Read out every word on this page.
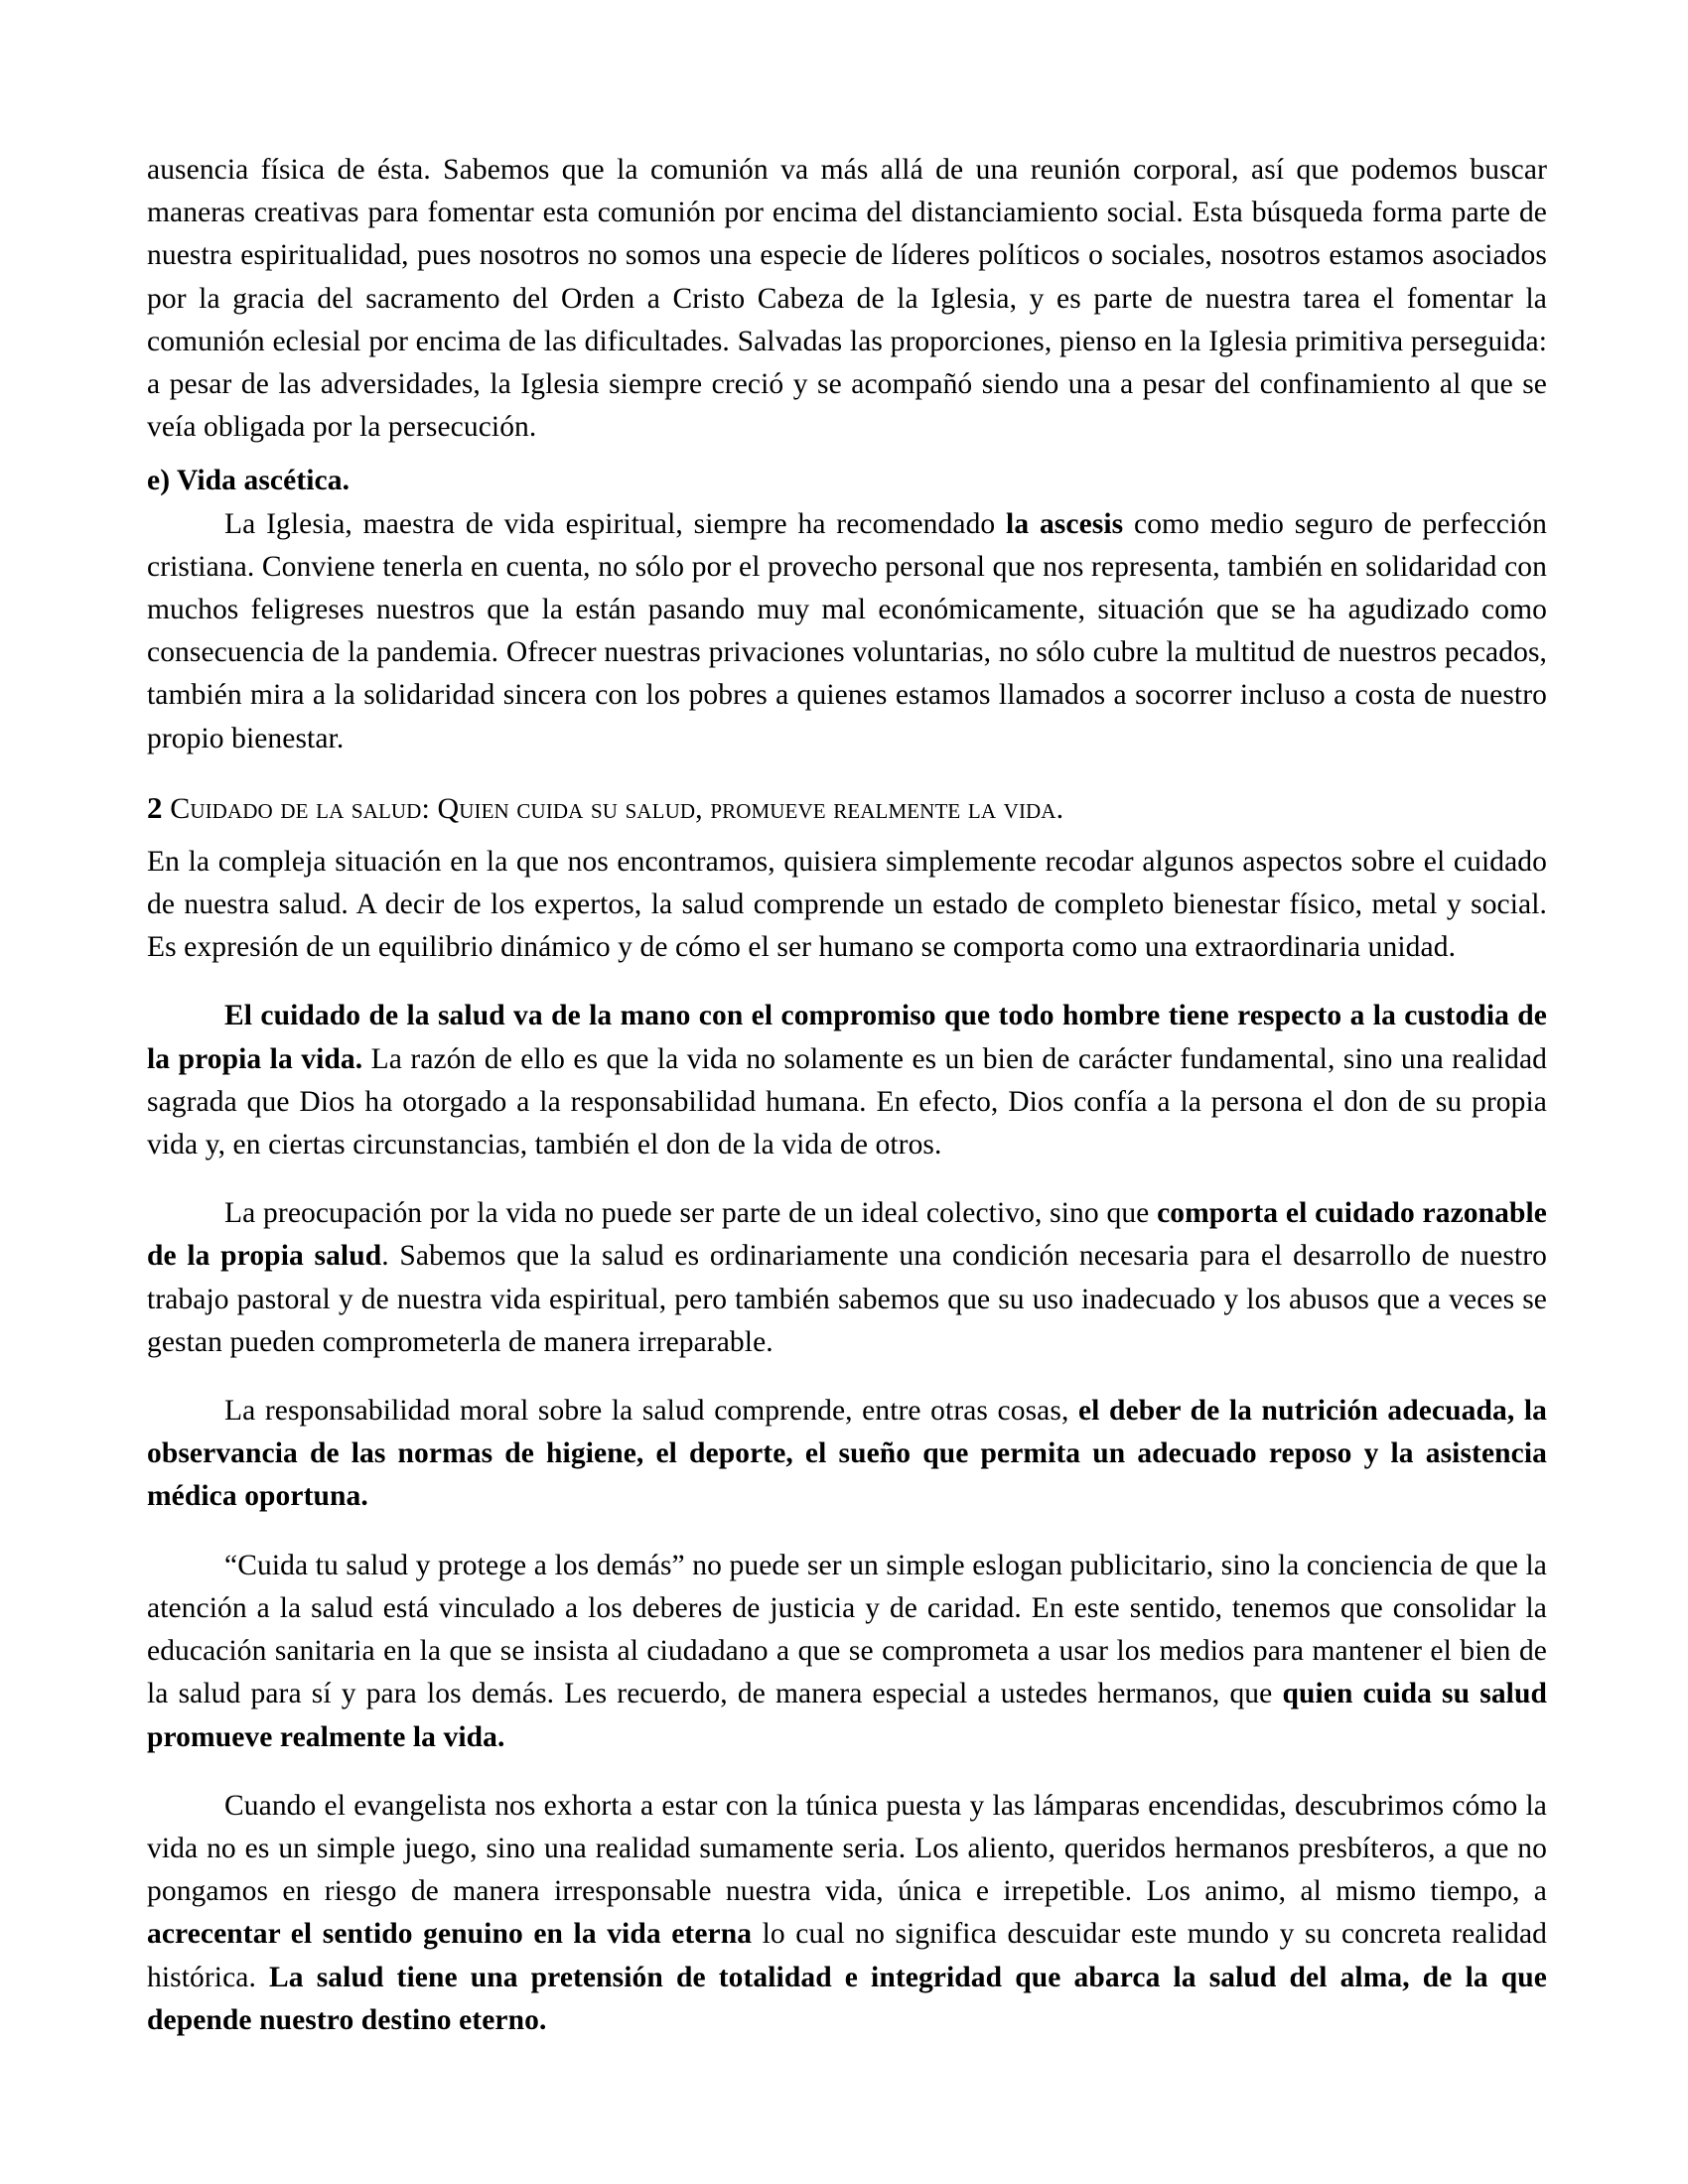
ausencia física de ésta. Sabemos que la comunión va más allá de una reunión corporal, así que podemos buscar maneras creativas para fomentar esta comunión por encima del distanciamiento social. Esta búsqueda forma parte de nuestra espiritualidad, pues nosotros no somos una especie de líderes políticos o sociales, nosotros estamos asociados por la gracia del sacramento del Orden a Cristo Cabeza de la Iglesia, y es parte de nuestra tarea el fomentar la comunión eclesial por encima de las dificultades. Salvadas las proporciones, pienso en la Iglesia primitiva perseguida: a pesar de las adversidades, la Iglesia siempre creció y se acompañó siendo una a pesar del confinamiento al que se veía obligada por la persecución.

e) Vida ascética.

La Iglesia, maestra de vida espiritual, siempre ha recomendado la ascesis como medio seguro de perfección cristiana. Conviene tenerla en cuenta, no sólo por el provecho personal que nos representa, también en solidaridad con muchos feligreses nuestros que la están pasando muy mal económicamente, situación que se ha agudizado como consecuencia de la pandemia. Ofrecer nuestras privaciones voluntarias, no sólo cubre la multitud de nuestros pecados, también mira a la solidaridad sincera con los pobres a quienes estamos llamados a socorrer incluso a costa de nuestro propio bienestar.

2 Cuidado de la salud: Quien cuida su salud, promueve realmente la vida.

En la compleja situación en la que nos encontramos, quisiera simplemente recodar algunos aspectos sobre el cuidado de nuestra salud. A decir de los expertos, la salud comprende un estado de completo bienestar físico, metal y social. Es expresión de un equilibrio dinámico y de cómo el ser humano se comporta como una extraordinaria unidad.

El cuidado de la salud va de la mano con el compromiso que todo hombre tiene respecto a la custodia de la propia la vida. La razón de ello es que la vida no solamente es un bien de carácter fundamental, sino una realidad sagrada que Dios ha otorgado a la responsabilidad humana. En efecto, Dios confía a la persona el don de su propia vida y, en ciertas circunstancias, también el don de la vida de otros.

La preocupación por la vida no puede ser parte de un ideal colectivo, sino que comporta el cuidado razonable de la propia salud. Sabemos que la salud es ordinariamente una condición necesaria para el desarrollo de nuestro trabajo pastoral y de nuestra vida espiritual, pero también sabemos que su uso inadecuado y los abusos que a veces se gestan pueden comprometerla de manera irreparable.

La responsabilidad moral sobre la salud comprende, entre otras cosas, el deber de la nutrición adecuada, la observancia de las normas de higiene, el deporte, el sueño que permita un adecuado reposo y la asistencia médica oportuna.

“Cuida tu salud y protege a los demás” no puede ser un simple eslogan publicitario, sino la conciencia de que la atención a la salud está vinculado a los deberes de justicia y de caridad. En este sentido, tenemos que consolidar la educación sanitaria en la que se insista al ciudadano a que se comprometa a usar los medios para mantener el bien de la salud para sí y para los demás. Les recuerdo, de manera especial a ustedes hermanos, que quien cuida su salud promueve realmente la vida.

Cuando el evangelista nos exhorta a estar con la túnica puesta y las lámparas encendidas, descubrimos cómo la vida no es un simple juego, sino una realidad sumamente seria. Los aliento, queridos hermanos presbíteros, a que no pongamos en riesgo de manera irresponsable nuestra vida, única e irrepetible. Los animo, al mismo tiempo, a acrecentar el sentido genuino en la vida eterna lo cual no significa descuidar este mundo y su concreta realidad histórica. La salud tiene una pretensión de totalidad e integridad que abarca la salud del alma, de la que depende nuestro destino eterno.
